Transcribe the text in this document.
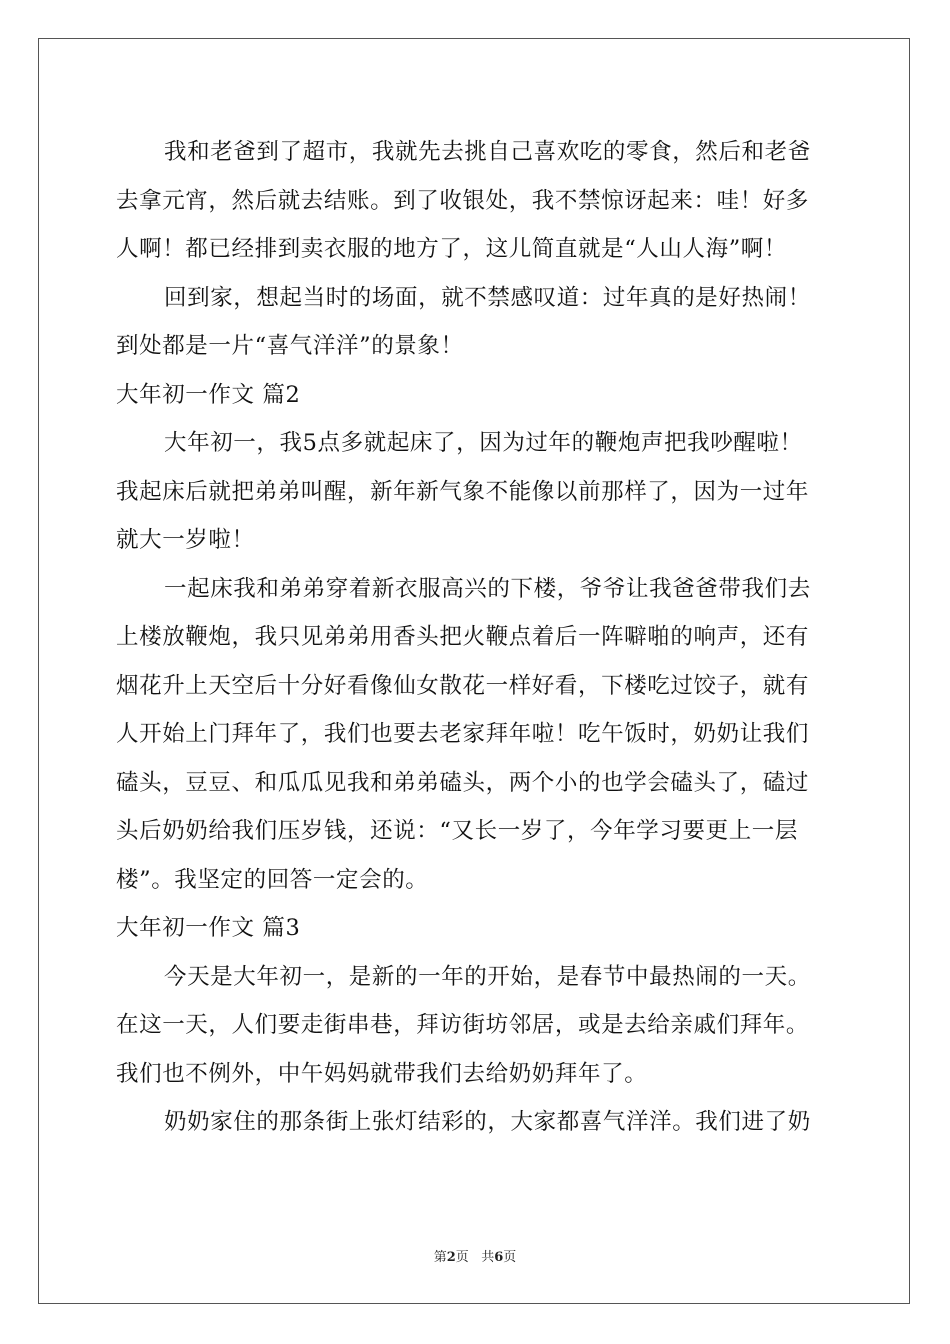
我和老爸到了超市，我就先去挑自己喜欢吃的零食，然后和老爸
去拿元宵，然后就去结账。到了收银处，我不禁惊讶起来：哇！好多
人啊！都已经排到卖衣服的地方了，这儿简直就是“人山人海”啊！
回到家，想起当时的场面，就不禁感叹道：过年真的是好热闹！
到处都是一片“喜气洋洋”的景象！
大年初一作文 篇2
大年初一，我5点多就起床了，因为过年的鞭炮声把我吵醒啦！
我起床后就把弟弟叫醒，新年新气象不能像以前那样了，因为一过年
就大一岁啦！
一起床我和弟弟穿着新衣服高兴的下楼，爷爷让我爸爸带我们去
上楼放鞭炮，我只见弟弟用香头把火鞭点着后一阵噼啪的响声，还有
烟花升上天空后十分好看像仙女散花一样好看，下楼吃过饺子，就有
人开始上门拜年了，我们也要去老家拜年啦！吃午饭时，奶奶让我们
磕头，豆豆、和瓜瓜见我和弟弟磕头，两个小的也学会磕头了，磕过
头后奶奶给我们压岁钱，还说：“又长一岁了，今年学习要更上一层
楼”。我坚定的回答一定会的。
大年初一作文 篇3
今天是大年初一，是新的一年的开始，是春节中最热闹的一天。
在这一天，人们要走街串巷，拜访街坊邻居，或是去给亲戚们拜年。
我们也不例外，中午妈妈就带我们去给奶奶拜年了。
奶奶家住的那条街上张灯结彩的，大家都喜气洋洋。我们进了奶
第2页 共6页
